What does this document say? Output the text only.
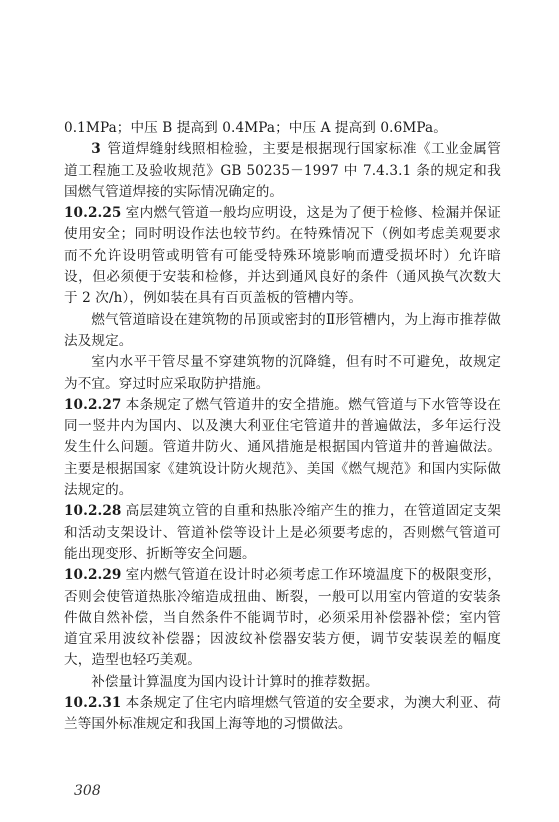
0.1MPa；中压 B 提高到 0.4MPa；中压 A 提高到 0.6MPa。

3 管道焊缝射线照相检验，主要是根据现行国家标准《工业金属管道工程施工及验收规范》GB 50235－1997 中 7.4.3.1 条的规定和我国燃气管道焊接的实际情况确定的。

10.2.25 室内燃气管道一般均应明设，这是为了便于检修、检漏并保证使用安全；同时明设作法也较节约。在特殊情况下（例如考虑美观要求而不允许设明管或明管有可能受特殊环境影响而遭受损坏时）允许暗设，但必须便于安装和检修，并达到通风良好的条件（通风换气次数大于 2 次/h），例如装在具有百页盖板的管槽内等。

燃气管道暗设在建筑物的吊顶或密封的Ⅱ形管槽内，为上海市推荐做法及规定。

室内水平干管尽量不穿建筑物的沉降缝，但有时不可避免，故规定为不宜。穿过时应采取防护措施。

10.2.27 本条规定了燃气管道井的安全措施。燃气管道与下水管等设在同一竖井内为国内、以及澳大利亚住宅管道井的普遍做法，多年运行没发生什么问题。管道井防火、通风措施是根据国内管道井的普遍做法。主要是根据国家《建筑设计防火规范》、美国《燃气规范》和国内实际做法规定的。

10.2.28 高层建筑立管的自重和热胀冷缩产生的推力，在管道固定支架和活动支架设计、管道补偿等设计上是必须要考虑的，否则燃气管道可能出现变形、折断等安全问题。

10.2.29 室内燃气管道在设计时必须考虑工作环境温度下的极限变形，否则会使管道热胀冷缩造成扭曲、断裂，一般可以用室内管道的安装条件做自然补偿，当自然条件不能调节时，必须采用补偿器补偿；室内管道宜采用波纹补偿器；因波纹补偿器安装方便，调节安装误差的幅度大，造型也轻巧美观。

补偿量计算温度为国内设计计算时的推荐数据。

10.2.31 本条规定了住宅内暗埋燃气管道的安全要求，为澳大利亚、荷兰等国外标准规定和我国上海等地的习惯做法。

308
